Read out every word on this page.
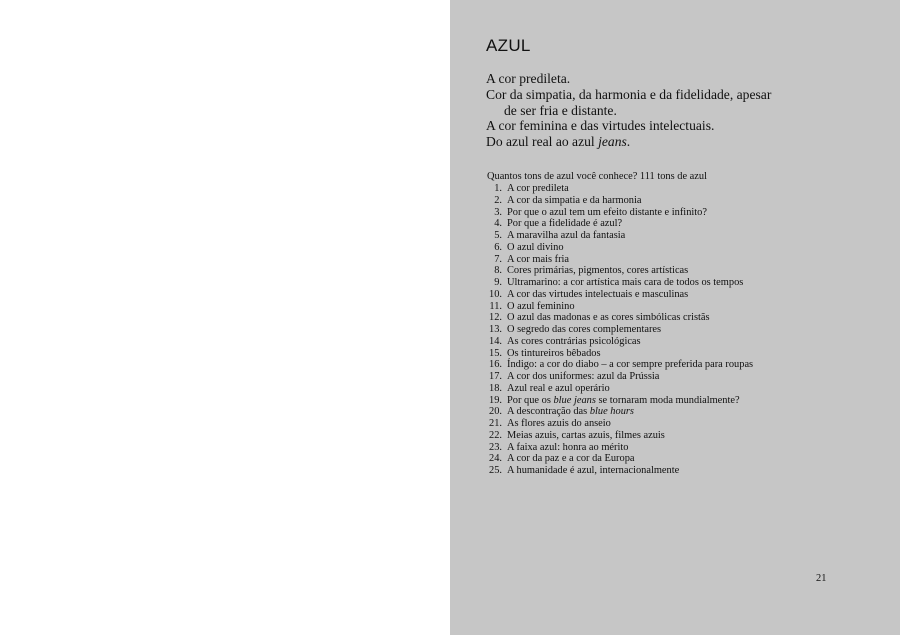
AZUL
A cor predileta.
Cor da simpatia, da harmonia e da fidelidade, apesar
de ser fria e distante.
A cor feminina e das virtudes intelectuais.
Do azul real ao azul jeans.
Quantos tons de azul você conhece? 111 tons de azul
1. A cor predileta
2. A cor da simpatia e da harmonia
3. Por que o azul tem um efeito distante e infinito?
4. Por que a fidelidade é azul?
5. A maravilha azul da fantasia
6. O azul divino
7. A cor mais fria
8. Cores primárias, pigmentos, cores artísticas
9. Ultramarino: a cor artística mais cara de todos os tempos
10. A cor das virtudes intelectuais e masculinas
11. O azul feminino
12. O azul das madonas e as cores simbólicas cristãs
13. O segredo das cores complementares
14. As cores contrárias psicológicas
15. Os tintureiros bêbados
16. Índigo: a cor do diabo – a cor sempre preferida para roupas
17. A cor dos uniformes: azul da Prússia
18. Azul real e azul operário
19. Por que os blue jeans se tornaram moda mundialmente?
20. A descontração das blue hours
21. As flores azuis do anseio
22. Meias azuis, cartas azuis, filmes azuis
23. A faixa azul: honra ao mérito
24. A cor da paz e a cor da Europa
25. A humanidade é azul, internacionalmente
21
